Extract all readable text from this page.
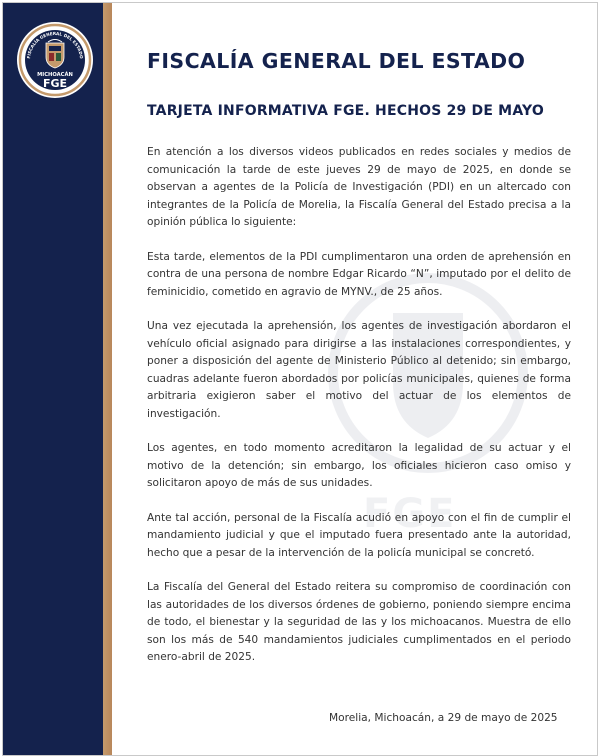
FISCALÍA GENERAL DEL ESTADO
MICHOACÁN
FGE
FGE
FISCALÍA GENERAL DEL ESTADO
TARJETA INFORMATIVA FGE. HECHOS 29 DE MAYO

En atención a los diversos videos publicados en redes sociales y medios de comunicación la tarde de este jueves 29 de mayo de 2025, en donde se observan a agentes de la Policía de Investigación (PDI) en un altercado con integrantes de la Policía de Morelia, la Fiscalía General del Estado precisa a la opinión pública lo siguiente:

Esta tarde, elementos de la PDI cumplimentaron una orden de aprehensión en contra de una persona de nombre Edgar Ricardo “N”, imputado por el delito de feminicidio, cometido en agravio de MYNV., de 25 años.

Una vez ejecutada la aprehensión, los agentes de investigación abordaron el vehículo oficial asignado para dirigirse a las instalaciones correspondientes, y poner a disposición del agente de Ministerio Público al detenido; sin embargo, cuadras adelante fueron abordados por policías municipales, quienes de forma arbitraria exigieron saber el motivo del actuar de los elementos de investigación.

Los agentes, en todo momento acreditaron la legalidad de su actuar y el motivo de la detención; sin embargo, los oficiales hicieron caso omiso y solicitaron apoyo de más de sus unidades.

Ante tal acción, personal de la Fiscalía acudió en apoyo con el fin de cumplir el mandamiento judicial y que el imputado fuera presentado ante la autoridad, hecho que a pesar de la intervención de la policía municipal se concretó.

La Fiscalía del General del Estado reitera su compromiso de coordinación con las autoridades de los diversos órdenes de gobierno, poniendo siempre encima de todo, el bienestar y la seguridad de las y los michoacanos. Muestra de ello son los más de 540 mandamientos judiciales cumplimentados en el periodo enero-abril de 2025.

Morelia, Michoacán, a 29 de mayo de 2025
